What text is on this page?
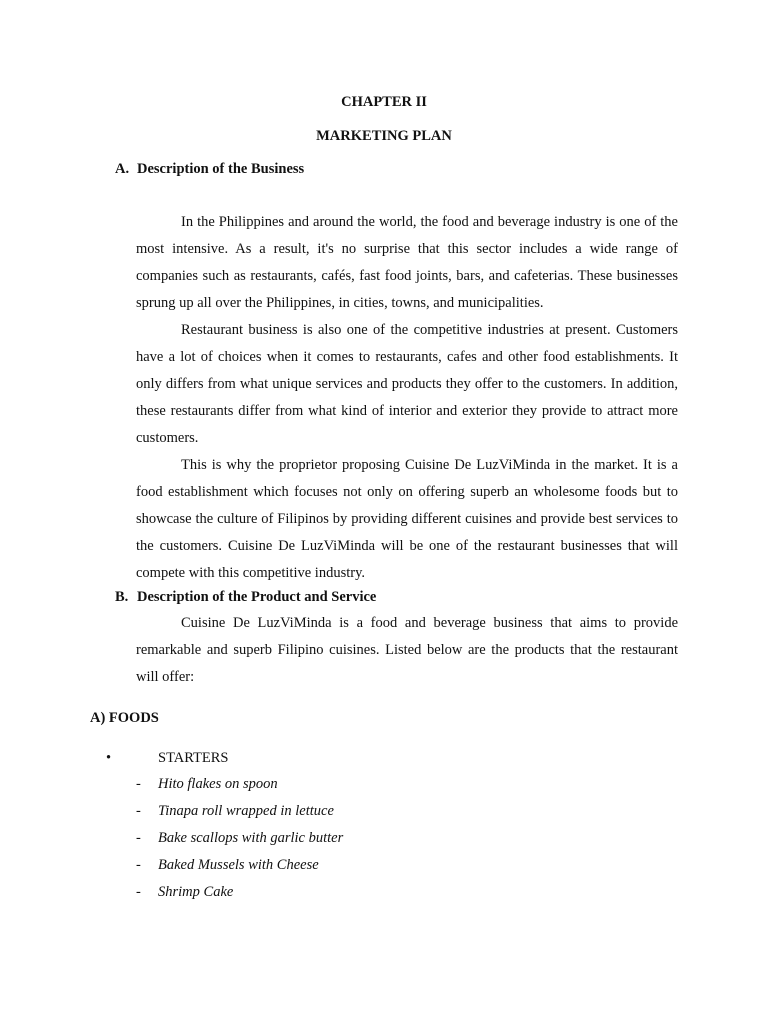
CHAPTER II
MARKETING PLAN
A. Description of the Business

In the Philippines and around the world, the food and beverage industry is one of the most intensive. As a result, it's no surprise that this sector includes a wide range of companies such as restaurants, cafés, fast food joints, bars, and cafeterias. These businesses sprung up all over the Philippines, in cities, towns, and municipalities.

Restaurant business is also one of the competitive industries at present. Customers have a lot of choices when it comes to restaurants, cafes and other food establishments. It only differs from what unique services and products they offer to the customers. In addition, these restaurants differ from what kind of interior and exterior they provide to attract more customers.

This is why the proprietor proposing Cuisine De LuzViMinda in the market. It is a food establishment which focuses not only on offering superb an wholesome foods but to showcase the culture of Filipinos by providing different cuisines and provide best services to the customers. Cuisine De LuzViMinda will be one of the restaurant businesses that will compete with this competitive industry.

B. Description of the Product and Service

Cuisine De LuzViMinda is a food and beverage business that aims to provide remarkable and superb Filipino cuisines. Listed below are the products that the restaurant will offer:

A) FOODS
•	STARTERS
- Hito flakes on spoon
- Tinapa roll wrapped in lettuce
- Bake scallops with garlic butter
- Baked Mussels with Cheese
- Shrimp Cake
